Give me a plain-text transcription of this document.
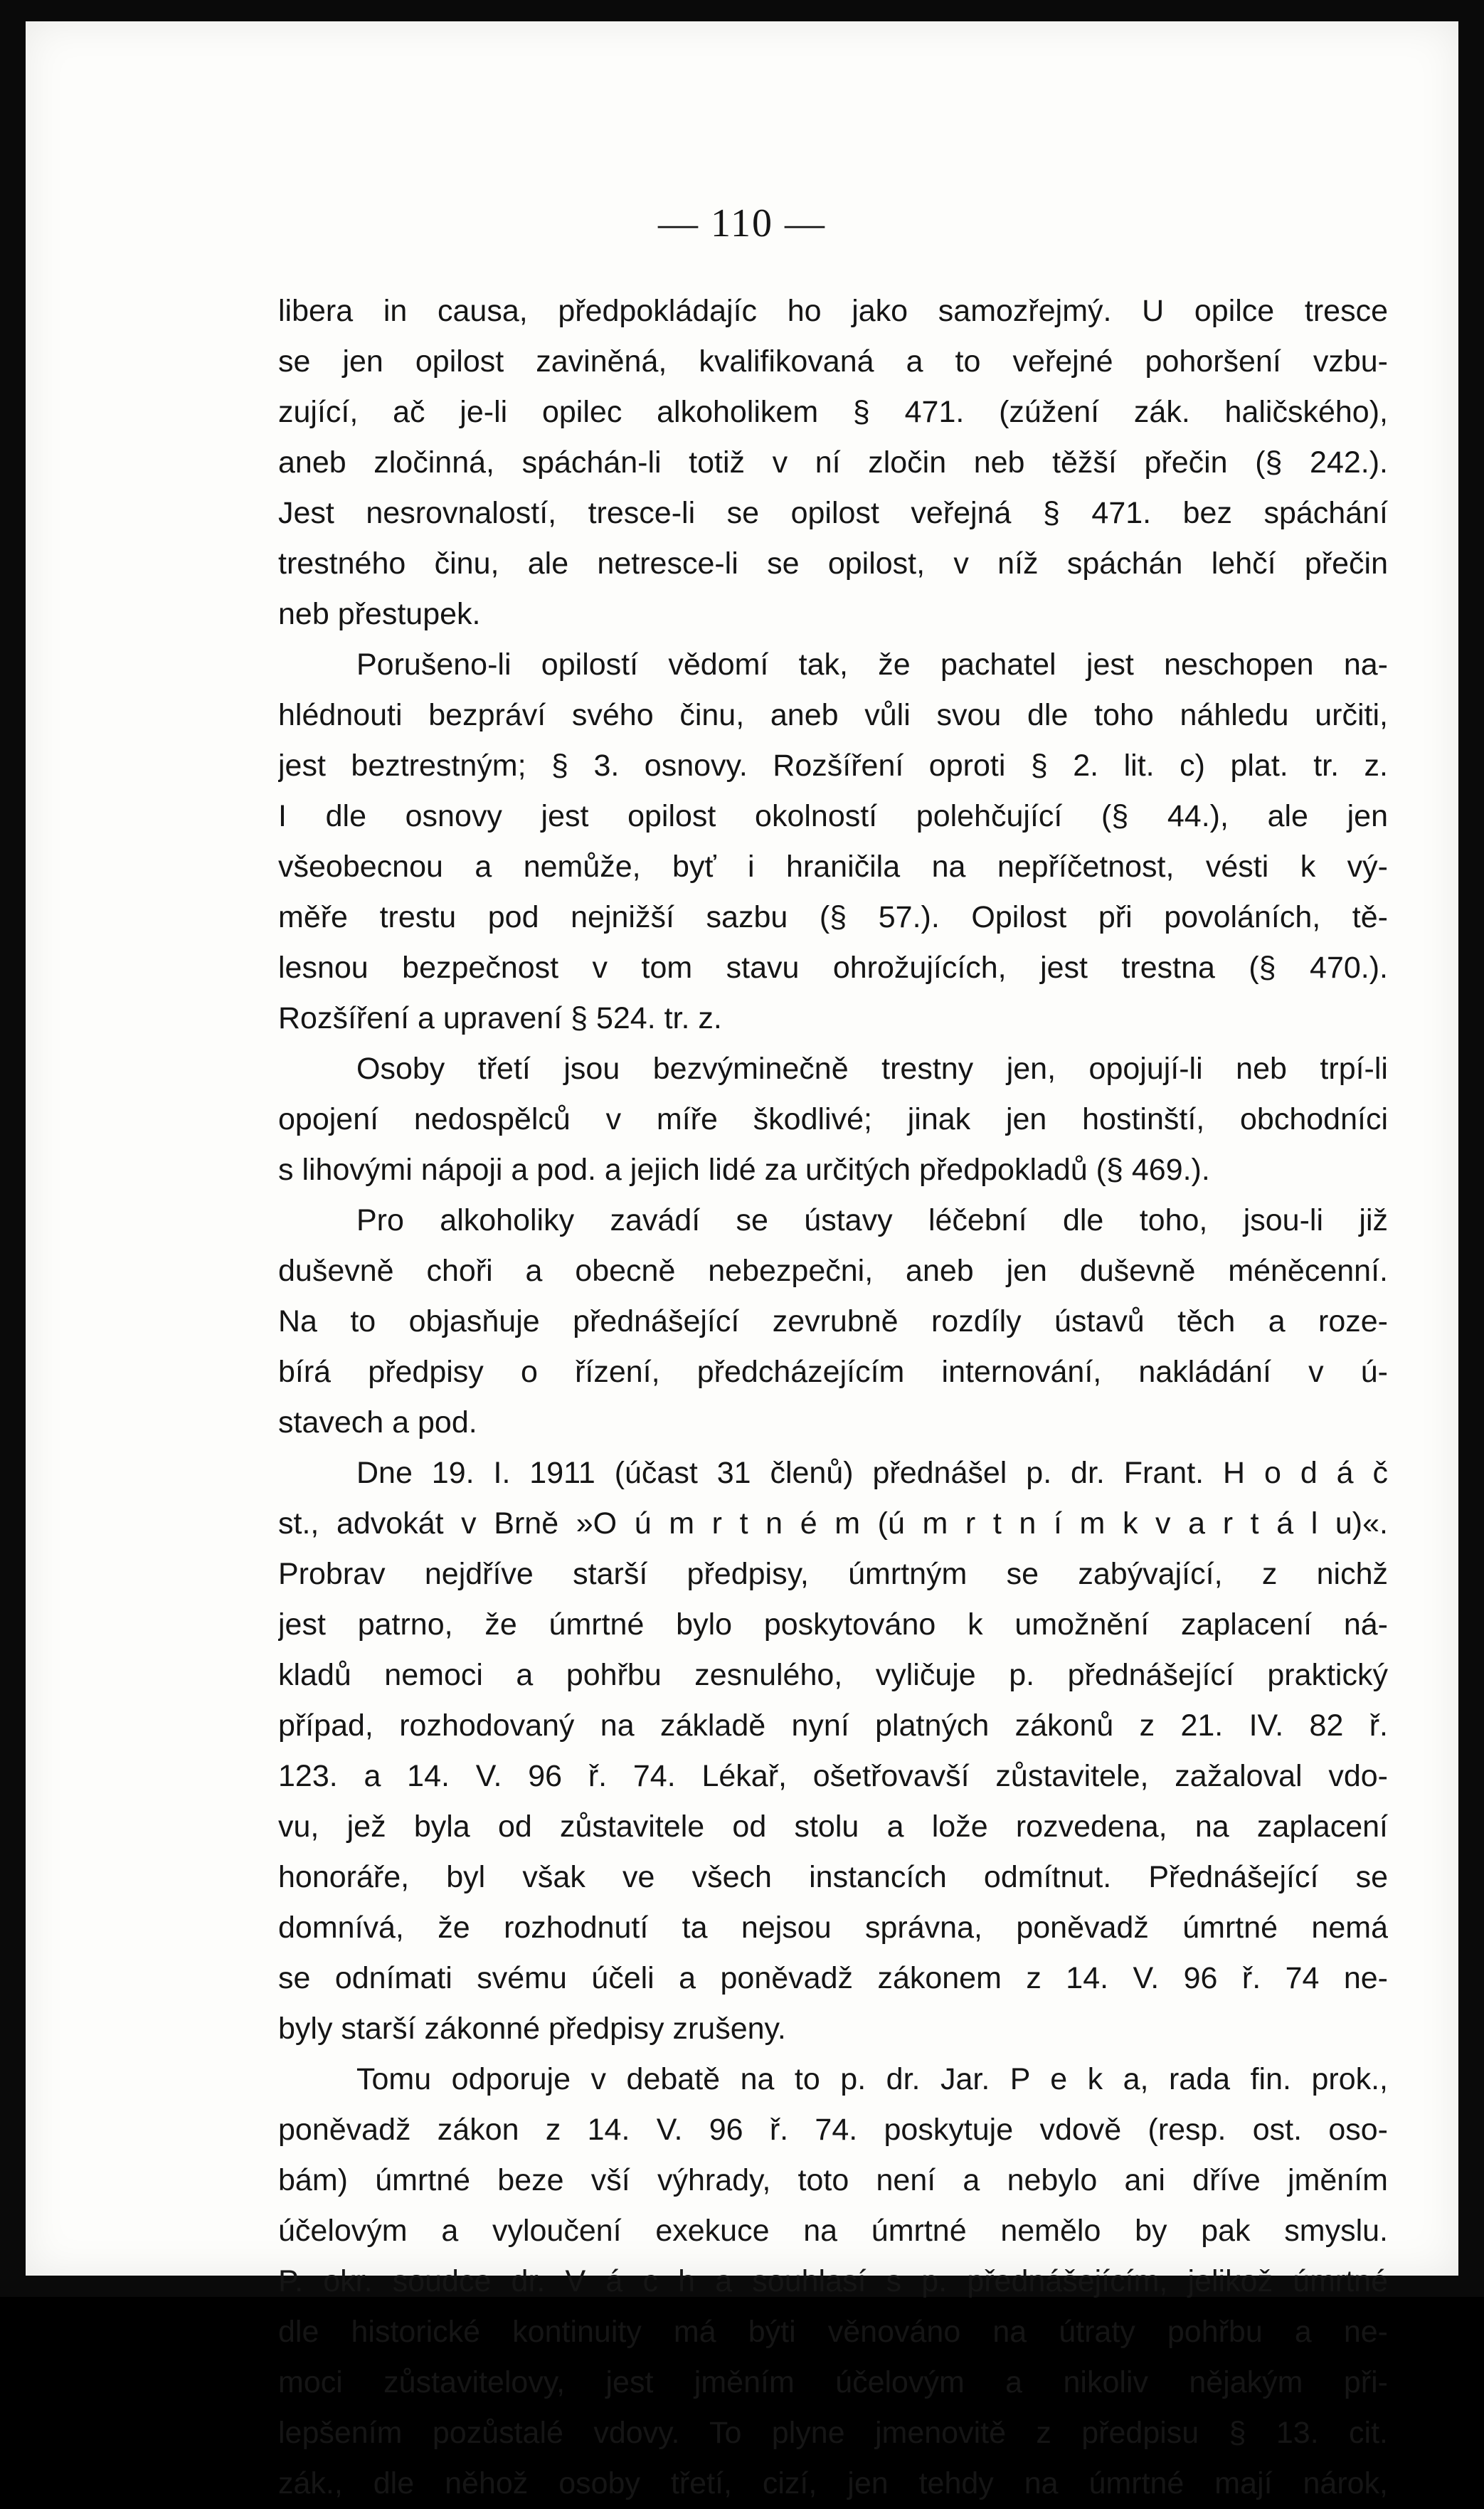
— 110 —
libera in causa, předpokládajíc ho jako samozřejmý. U opilce tresce
se jen opilost zaviněná, kvalifikovaná a to veřejné pohoršení vzbu-
zující, ač je-li opilec alkoholikem § 471. (zúžení zák. haličského),
aneb zločinná, spáchán-li totiž v ní zločin neb těžší přečin (§ 242.).
Jest nesrovnalostí, tresce-li se opilost veřejná § 471. bez spáchání
trestného činu, ale netresce-li se opilost, v níž spáchán lehčí přečin
neb přestupek.
Porušeno-li opilostí vědomí tak, že pachatel jest neschopen na-
hlédnouti bezpráví svého činu, aneb vůli svou dle toho náhledu určiti,
jest beztrestným; § 3. osnovy. Rozšíření oproti § 2. lit. c) plat. tr. z.
I dle osnovy jest opilost okolností polehčující (§ 44.), ale jen
všeobecnou a nemůže, byť i hraničila na nepříčetnost, vésti k vý-
měře trestu pod nejnižší sazbu (§ 57.). Opilost při povoláních, tě-
lesnou bezpečnost v tom stavu ohrožujících, jest trestna (§ 470.).
Rozšíření a upravení § 524. tr. z.
Osoby třetí jsou bezvýminečně trestny jen, opojují-li neb trpí-li
opojení nedospělců v míře škodlivé; jinak jen hostinští, obchodníci
s lihovými nápoji a pod. a jejich lidé za určitých předpokladů (§ 469.).
Pro alkoholiky zavádí se ústavy léčební dle toho, jsou-li již
duševně choři a obecně nebezpečni, aneb jen duševně méněcenní.
Na to objasňuje přednášející zevrubně rozdíly ústavů těch a roze-
bírá předpisy o řízení, předcházejícím internování, nakládání v ú-
stavech a pod.
Dne 19. I. 1911 (účast 31 členů) přednášel p. dr. Frant. H o d á č
st., advokát v Brně »O ú m r t n é m (ú m r t n í m k v a r t á l u)«.
Probrav nejdříve starší předpisy, úmrtným se zabývající, z nichž
jest patrno, že úmrtné bylo poskytováno k umožnění zaplacení ná-
kladů nemoci a pohřbu zesnulého, vyličuje p. přednášející praktický
případ, rozhodovaný na základě nyní platných zákonů z 21. IV. 82 ř.
123. a 14. V. 96 ř. 74. Lékař, ošetřovavší zůstavitele, zažaloval vdo-
vu, jež byla od zůstavitele od stolu a lože rozvedena, na zaplacení
honoráře, byl však ve všech instancích odmítnut. Přednášející se
domnívá, že rozhodnutí ta nejsou správna, poněvadž úmrtné nemá
se odnímati svému účeli a poněvadž zákonem z 14. V. 96 ř. 74 ne-
byly starší zákonné předpisy zrušeny.
Tomu odporuje v debatě na to p. dr. Jar. P e k a, rada fin. prok.,
poněvadž zákon z 14. V. 96 ř. 74. poskytuje vdově (resp. ost. oso-
bám) úmrtné beze vší výhrady, toto není a nebylo ani dříve jměním
účelovým a vyloučení exekuce na úmrtné nemělo by pak smyslu.
P. okr. soudce dr. V á c h a souhlasí s p. přednášejícím, jelikož úmrtné
dle historické kontinuity má býti věnováno na útraty pohřbu a ne-
moci zůstavitelovy, jest jměním účelovým a nikoliv nějakým při-
lepšením pozůstalé vdovy. To plyne jmenovitě z předpisu § 13. cit.
zák., dle něhož osoby třetí, cizí, jen tehdy na úmrtné mají nárok,
